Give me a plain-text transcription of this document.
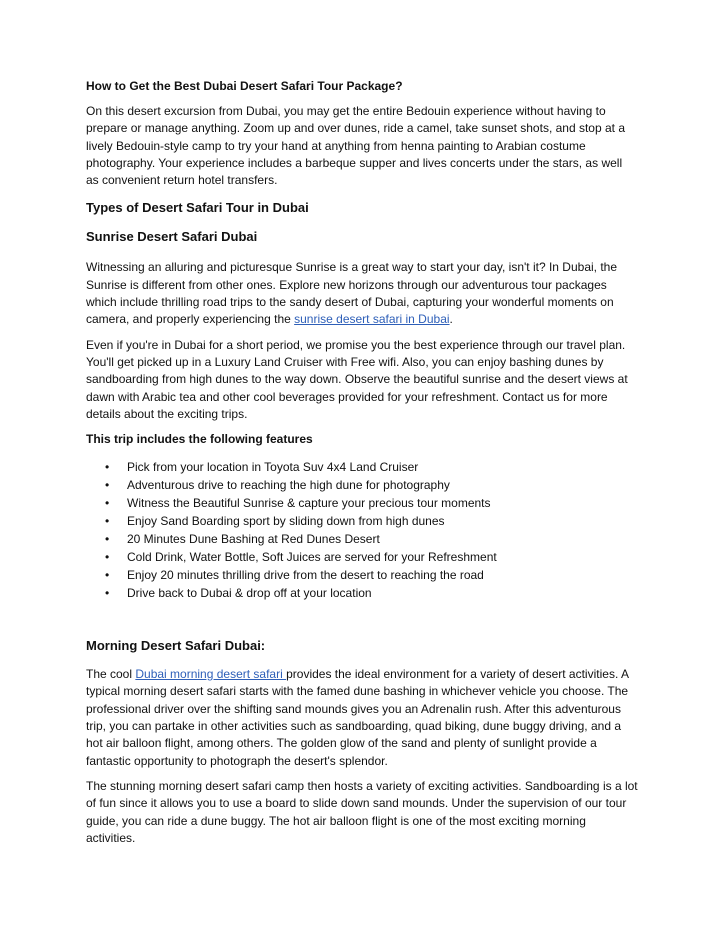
How to Get the Best Dubai Desert Safari Tour Package?

On this desert excursion from Dubai, you may get the entire Bedouin experience without having to prepare or manage anything. Zoom up and over dunes, ride a camel, take sunset shots, and stop at a lively Bedouin-style camp to try your hand at anything from henna painting to Arabian costume photography. Your experience includes a barbeque supper and lives concerts under the stars, as well as convenient return hotel transfers.

Types of Desert Safari Tour in Dubai

Sunrise Desert Safari Dubai

Witnessing an alluring and picturesque Sunrise is a great way to start your day, isn't it? In Dubai, the Sunrise is different from other ones. Explore new horizons through our adventurous tour packages which include thrilling road trips to the sandy desert of Dubai, capturing your wonderful moments on camera, and properly experiencing the sunrise desert safari in Dubai.

Even if you're in Dubai for a short period, we promise you the best experience through our travel plan. You'll get picked up in a Luxury Land Cruiser with Free wifi. Also, you can enjoy bashing dunes by sandboarding from high dunes to the way down. Observe the beautiful sunrise and the desert views at dawn with Arabic tea and other cool beverages provided for your refreshment. Contact us for more details about the exciting trips.

This trip includes the following features

• Pick from your location in Toyota Suv 4x4 Land Cruiser
• Adventurous drive to reaching the high dune for photography
• Witness the Beautiful Sunrise & capture your precious tour moments
• Enjoy Sand Boarding sport by sliding down from high dunes
• 20 Minutes Dune Bashing at Red Dunes Desert
• Cold Drink, Water Bottle, Soft Juices are served for your Refreshment
• Enjoy 20 minutes thrilling drive from the desert to reaching the road
• Drive back to Dubai & drop off at your location

Morning Desert Safari Dubai:

The cool Dubai morning desert safari provides the ideal environment for a variety of desert activities. A typical morning desert safari starts with the famed dune bashing in whichever vehicle you choose. The professional driver over the shifting sand mounds gives you an Adrenalin rush. After this adventurous trip, you can partake in other activities such as sandboarding, quad biking, dune buggy driving, and a hot air balloon flight, among others. The golden glow of the sand and plenty of sunlight provide a fantastic opportunity to photograph the desert's splendor.

The stunning morning desert safari camp then hosts a variety of exciting activities. Sandboarding is a lot of fun since it allows you to use a board to slide down sand mounds. Under the supervision of our tour guide, you can ride a dune buggy. The hot air balloon flight is one of the most exciting morning activities.
